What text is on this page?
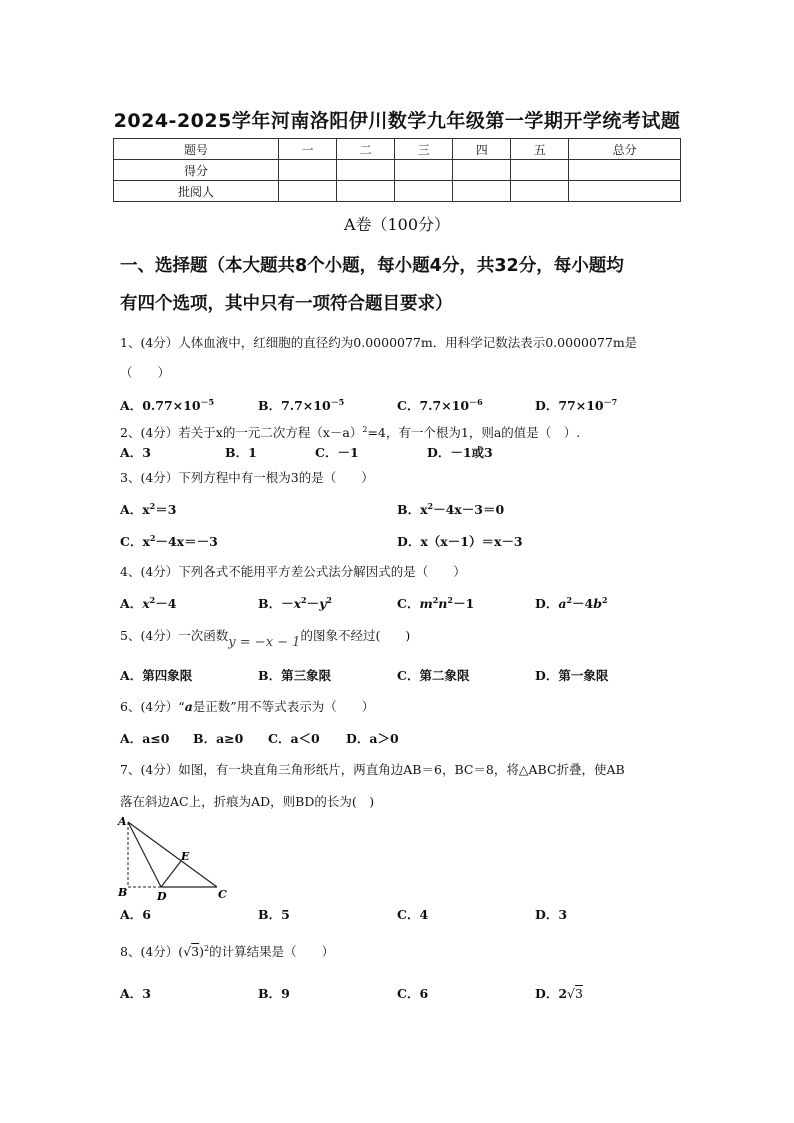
2024-2025学年河南洛阳伊川数学九年级第一学期开学统考试题
题号	一	二	三	四	五	总分
得分						
批阅人						
A卷（100分）
一、选择题（本大题共8个小题，每小题4分，共32分，每小题均
有四个选项，其中只有一项符合题目要求）
1、(4分）人体血液中，红细胞的直径约为0.0000077m．用科学记数法表示0.0000077m是
（　　）
A．$0.77\times 10^{-5}$	B．$7.7\times 10^{-5}$	C．$7.7\times 10^{-6}$	D．$77\times 10^{-7}$
2、(4分）若关于x的一元二次方程$(x-a)^2=4$，有一个根为1，则a的值是（　）.
A．3	B．1	C．－1	D．－1或3
3、(4分）下列方程中有一根为3的是（　　）
A．$x^2=3$	B．$x^2-4x-3=0$
C．$x^2-4x=-3$	D．x（x－1）＝x－3
4、(4分）下列各式不能用平方差公式法分解因式的是（　　）
A．$x^2-4$	B．$-x^2-y^2$	C．$m^2n^2-1$	D．$a^2-4b^2$
5、(4分）一次函数y = −x − 1的图象不经过(　　)
A．第四象限	B．第三象限	C．第二象限	D．第一象限
6、(4分）“a是正数”用不等式表示为（　　）
A．a≤0 B．a≥0 C．a＜0 D．a＞0
7、(4分）如图，有一块直角三角形纸片，两直角边AB＝6，BC＝8，将△ABC折叠，使AB
落在斜边AC上，折痕为AD，则BD的长为(　)
A
B	D	C
E
A．6	B．5	C．4	D．3
8、(4分）$(√3)^2$的计算结果是（　　）
A．3	B．9	C．6	D．2√3
